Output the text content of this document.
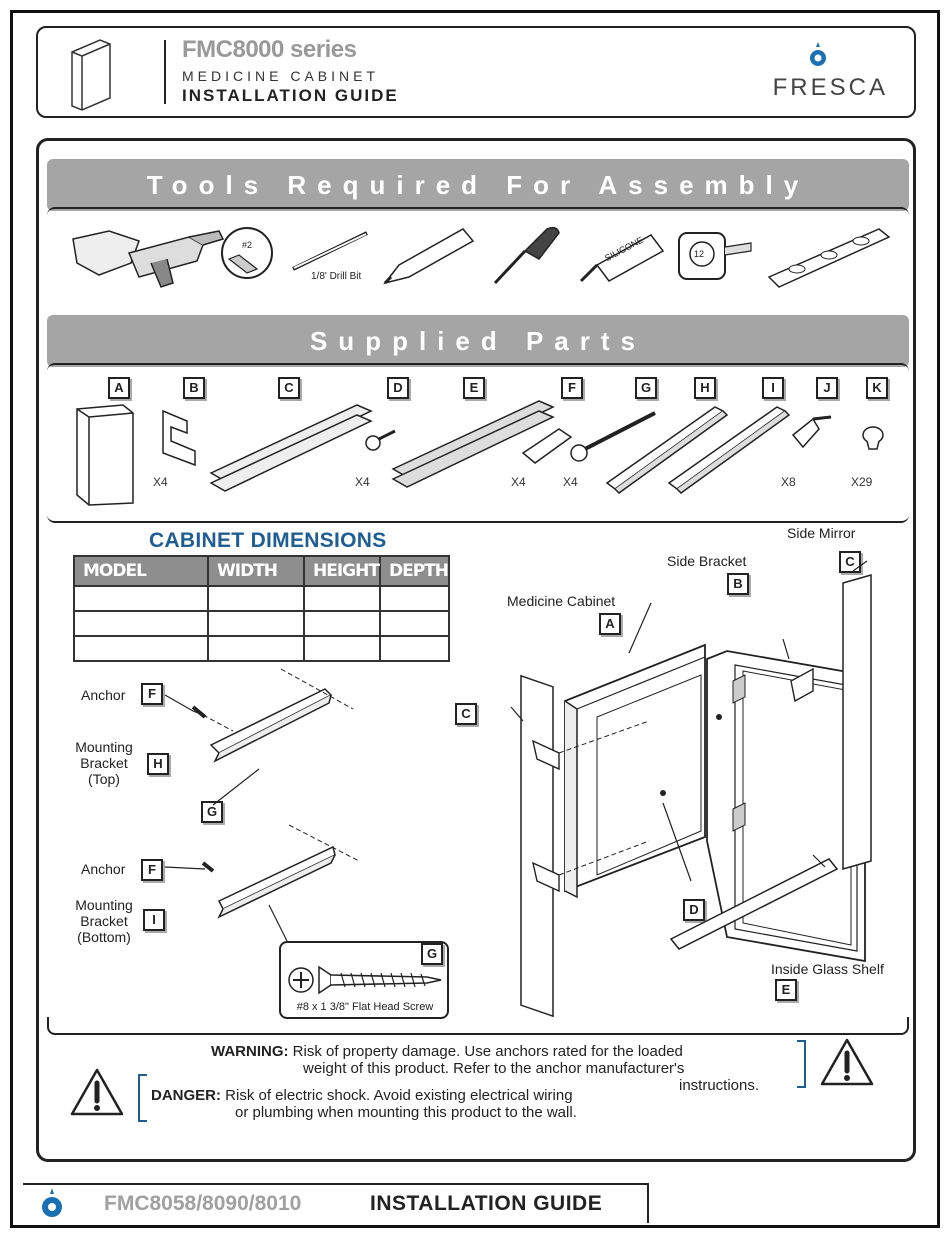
FMC8000 series
MEDICINE CABINET
INSTALLATION GUIDE	FRESCA
Tools Required For Assembly
#2
1/8' Drill Bit
SILICONE	12
Supplied Parts
A	B	C	D	E	F	G	H	I	J	K
X4	X4	X4	X4	X8	X29
CABINET DIMENSIONS
MODEL	WIDTH	HEIGHT	DEPTH

Anchor	F
Mounting Bracket (Top)
H
G
Anchor	F
Mounting Bracket (Bottom)
I
G
#8 x 1 3/8" Flat Head Screw
Side Mirror
C
Side Bracket
B
Medicine Cabinet
A
C
D
Inside Glass Shelf
E
WARNING: Risk of property damage. Use anchors rated for the loaded
weight of this product. Refer to the anchor manufacturer's
instructions.
DANGER: Risk of electric shock. Avoid existing electrical wiring
or plumbing when mounting this product to the wall.
FMC8058/8090/8010	INSTALLATION GUIDE
